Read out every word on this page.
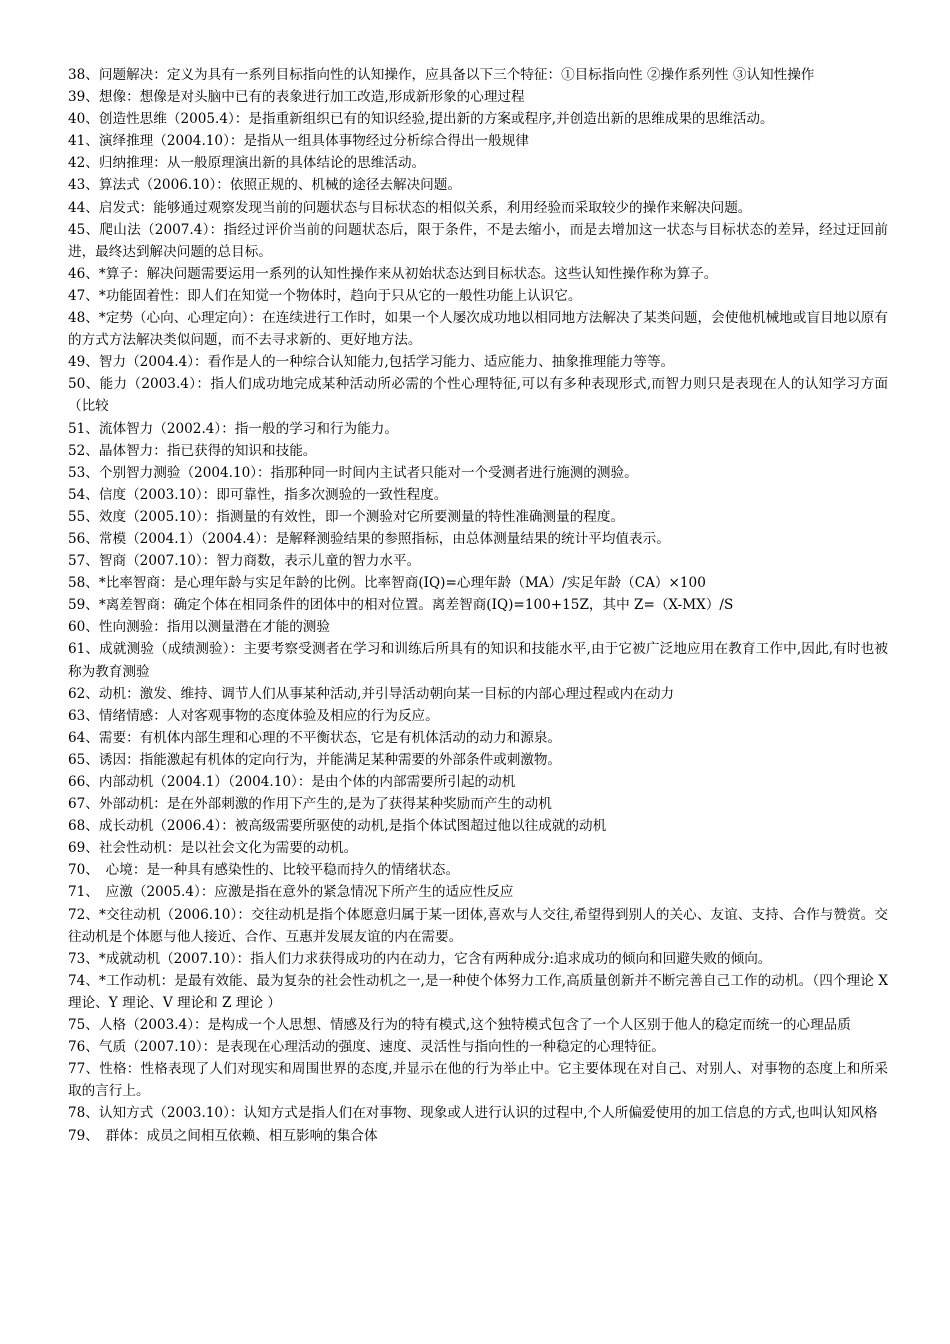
38、问题解决：定义为具有一系列目标指向性的认知操作，应具备以下三个特征：①目标指向性 ②操作系列性 ③认知性操作

39、想像：想像是对头脑中已有的表象进行加工改造,形成新形象的心理过程

40、创造性思维（2005.4）：是指重新组织已有的知识经验,提出新的方案或程序,并创造出新的思维成果的思维活动。

41、演绎推理（2004.10）：是指从一组具体事物经过分析综合得出一般规律

42、归纳推理：从一般原理演出新的具体结论的思维活动。

43、算法式（2006.10）：依照正规的、机械的途径去解决问题。

44、启发式：能够通过观察发现当前的问题状态与目标状态的相似关系，利用经验而采取较少的操作来解决问题。

45、爬山法（2007.4）：指经过评价当前的问题状态后，限于条件，不是去缩小，而是去增加这一状态与目标状态的差异，经过迂回前进，最终达到解决问题的总目标。

46、*算子：解决问题需要运用一系列的认知性操作来从初始状态达到目标状态。这些认知性操作称为算子。

47、*功能固着性：即人们在知觉一个物体时，趋向于只从它的一般性功能上认识它。

48、*定势（心向、心理定向）：在连续进行工作时，如果一个人屡次成功地以相同地方法解决了某类问题，会使他机械地或盲目地以原有的方式方法解决类似问题，而不去寻求新的、更好地方法。

49、智力（2004.4）：看作是人的一种综合认知能力,包括学习能力、适应能力、抽象推理能力等等。

50、能力（2003.4）：指人们成功地完成某种活动所必需的个性心理特征,可以有多种表现形式,而智力则只是表现在人的认知学习方面（比较

51、流体智力（2002.4）：指一般的学习和行为能力。

52、晶体智力：指已获得的知识和技能。

53、个别智力测验（2004.10）：指那种同一时间内主试者只能对一个受测者进行施测的测验。

54、信度（2003.10）：即可靠性，指多次测验的一致性程度。

55、效度（2005.10）：指测量的有效性，即一个测验对它所要测量的特性准确测量的程度。

56、常模（2004.1）（2004.4）：是解释测验结果的参照指标，由总体测量结果的统计平均值表示。

57、智商（2007.10）：智力商数，表示儿童的智力水平。

58、*比率智商：是心理年龄与实足年龄的比例。比率智商(IQ)=心理年龄（MA）/实足年龄（CA）×100

59、*离差智商：确定个体在相同条件的团体中的相对位置。离差智商(IQ)=100+15Z，其中 Z=（X-MX）/S

60、性向测验：指用以测量潜在才能的测验

61、成就测验（成绩测验）：主要考察受测者在学习和训练后所具有的知识和技能水平,由于它被广泛地应用在教育工作中,因此,有时也被称为教育测验

62、动机：激发、维持、调节人们从事某种活动,并引导活动朝向某一目标的内部心理过程或内在动力

63、情绪情感：人对客观事物的态度体验及相应的行为反应。

64、需要：有机体内部生理和心理的不平衡状态，它是有机体活动的动力和源泉。

65、诱因：指能激起有机体的定向行为，并能满足某种需要的外部条件或刺激物。

66、内部动机（2004.1）（2004.10）：是由个体的内部需要所引起的动机

67、外部动机：是在外部刺激的作用下产生的,是为了获得某种奖励而产生的动机

68、成长动机（2006.4）：被高级需要所驱使的动机,是指个体试图超过他以往成就的动机

69、社会性动机：是以社会文化为需要的动机。

70、　心境：是一种具有感染性的、比较平稳而持久的情绪状态。

71、　应激（2005.4）：应激是指在意外的紧急情况下所产生的适应性反应

72、*交往动机（2006.10）：交往动机是指个体愿意归属于某一团体,喜欢与人交往,希望得到别人的关心、友谊、支持、合作与赞赏。交往动机是个体愿与他人接近、合作、互惠并发展友谊的内在需要。

73、*成就动机（2007.10）：指人们力求获得成功的内在动力，它含有两种成分:追求成功的倾向和回避失败的倾向。

74、*工作动机：是最有效能、最为复杂的社会性动机之一,是一种使个体努力工作,高质量创新并不断完善自己工作的动机。（四个理论 X 理论、Y 理论、V 理论和 Z 理论 ）

75、人格（2003.4）：是构成一个人思想、情感及行为的特有模式,这个独特模式包含了一个人区别于他人的稳定而统一的心理品质

76、气质（2007.10）：是表现在心理活动的强度、速度、灵活性与指向性的一种稳定的心理特征。

77、性格：性格表现了人们对现实和周围世界的态度,并显示在他的行为举止中。它主要体现在对自己、对别人、对事物的态度上和所采取的言行上。

78、认知方式（2003.10）：认知方式是指人们在对事物、现象或人进行认识的过程中,个人所偏爱使用的加工信息的方式,也叫认知风格

79、　群体：成员之间相互依赖、相互影响的集合体
